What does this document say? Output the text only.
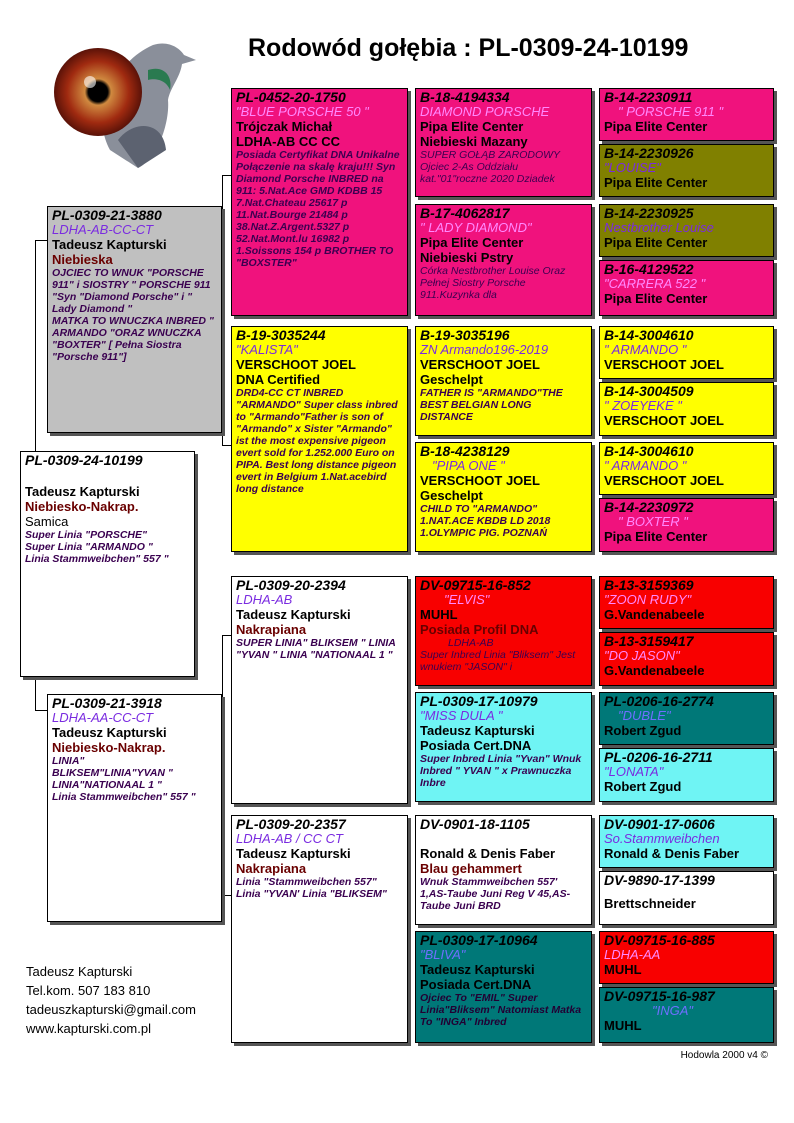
Rodowód gołębia : PL-0309-24-10199
PL-0309-24-10199
Tadeusz Kapturski
Niebiesko-Nakrap.
Samica
Super Linia "PORSCHE"
Super Linia "ARMANDO "
Linia Stammweibchen" 557 "
PL-0309-21-3880
LDHA-AB-CC-CT
Tadeusz Kapturski
Niebieska
OJCIEC TO WNUK "PORSCHE 911" i SIOSTRY " PORSCHE 911 "Syn "Diamond Porsche" i " Lady Diamond "
MATKA TO WNUCZKA INBRED " ARMANDO "ORAZ WNUCZKA "BOXTER" [ Pełna Siostra "Porsche 911"]
PL-0309-21-3918
LDHA-AA-CC-CT
Tadeusz Kapturski
Niebiesko-Nakrap.
LINIA"
BLIKSEM"LINIA"YVAN "
LINIA"NATIONAAL 1 "
Linia Stammweibchen" 557 "
PL-0452-20-1750
"BLUE PORSCHE 50 "
Trójczak Michał
LDHA-AB CC CC
Posiada Certyfikat DNA Unikalne Połączenie na skalę kraju!!! Syn Diamond Porsche INBRED na 911: 5.Nat.Ace GMD KDBB 15 7.Nat.Chateau 25617 p 11.Nat.Bourge 21484 p 38.Nat.Z.Argent.5327 p 52.Nat.Mont.lu 16982 p 1.Soissons 154 p BROTHER TO "BOXSTER"
B-19-3035244
"KALISTA"
VERSCHOOT JOEL
DNA Certified
DRD4-CC CT INBRED "ARMANDO" Super class inbred to "Armando"Father is son of "Armando" x Sister "Armando" ist the most expensive pigeon evert sold for 1.252.000 Euro on PIPA. Best long distance pigeon evert in Belgium 1.Nat.acebird long distance
PL-0309-20-2394
LDHA-AB
Tadeusz Kapturski
Nakrapiana
SUPER LINIA" BLIKSEM " LINIA "YVAN " LINIA "NATIONAAL 1 "
PL-0309-20-2357
LDHA-AB / CC CT
Tadeusz Kapturski
Nakrapiana
Linia "Stammweibchen 557" Linia "YVAN' Linia "BLIKSEM"
B-18-4194334
DIAMOND PORSCHE
Pipa Elite Center
Niebieski Mazany
SUPER GOŁĄB ZARODOWY Ojciec 2-As Oddziału kat."01"roczne 2020 Dziadek
B-17-4062817
" LADY DIAMOND"
Pipa Elite Center
Niebieski Pstry
Córka Nestbrother Louise Oraz Pełnej Siostry Porsche 911.Kuzynka dla
B-19-3035196
ZN Armando196-2019
VERSCHOOT JOEL
Geschelpt
FATHER IS "ARMANDO"THE BEST BELGIAN LONG DISTANCE
B-18-4238129
"PIPA ONE "
VERSCHOOT JOEL
Geschelpt
CHILD TO "ARMANDO" 1.NAT.ACE KBDB LD 2018 1.OLYMPIC PIG. POZNAŃ
DV-09715-16-852
"ELVIS"
MUHL
Posiada Profil DNA
LDHA-AB
Super Inbred Linia "Bliksem" Jest wnukiem "JASON" i
PL-0309-17-10979
"MISS DULA "
Tadeusz Kapturski
Posiada Cert.DNA
Super Inbred Linia "Yvan" Wnuk Inbred " YVAN " x Prawnuczka Inbre
DV-0901-18-1105
Ronald & Denis Faber
Blau gehammert
Wnuk Stammweibchen 557' 1,AS-Taube Juni Reg V 45,AS-Taube Juni BRD
PL-0309-17-10964
"BLIVA"
Tadeusz Kapturski
Posiada Cert.DNA
Ojciec To "EMIL" Super Linia"Bliksem" Natomiast Matka To "INGA" Inbred
B-14-2230911
" PORSCHE 911 "
Pipa Elite Center
B-14-2230926
"LOUISE"
Pipa Elite Center
B-14-2230925
Nestbrother Louise
Pipa Elite Center
B-16-4129522
"CARRERA 522 "
Pipa Elite Center
B-14-3004610
" ARMANDO "
VERSCHOOT JOEL
B-14-3004509
" ZOEYEKE "
VERSCHOOT JOEL
B-14-3004610
" ARMANDO "
VERSCHOOT JOEL
B-14-2230972
" BOXTER "
Pipa Elite Center
B-13-3159369
"ZOON RUDY"
G.Vandenabeele
B-13-3159417
"DO JASON"
G.Vandenabeele
PL-0206-16-2774
"DUBLE"
Robert Zgud
PL-0206-16-2711
"LONATA"
Robert Zgud
DV-0901-17-0606
So.Stammweibchen
Ronald & Denis Faber
DV-9890-17-1399
Brettschneider
DV-09715-16-885
LDHA-AA
MUHL
DV-09715-16-987
"INGA"
MUHL
Tadeusz Kapturski
Tel.kom. 507 183 810
tadeuszkapturski@gmail.com
www.kapturski.com.pl
Hodowla 2000 v4 ©
